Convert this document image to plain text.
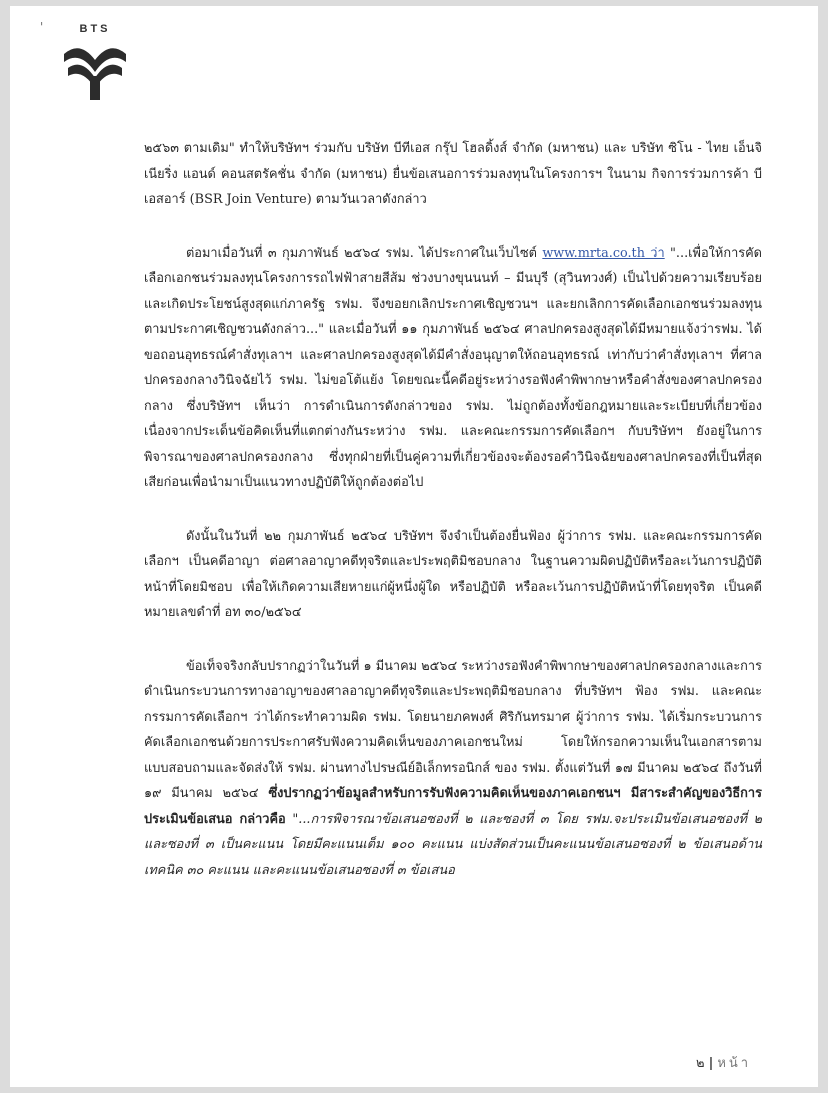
'	BTS

๒๕๖๓ ตามเดิม" ทำให้บริษัทฯ ร่วมกับ บริษัท บีทีเอส กรุ๊ป โฮลดิ้งส์ จำกัด (มหาชน) และ บริษัท ซิโน - ไทย เอ็นจิเนียริ่ง แอนด์ คอนสตรัคชั่น จำกัด (มหาชน) ยื่นข้อเสนอการร่วมลงทุนในโครงการฯ ในนาม กิจการร่วมการค้า บีเอสอาร์ (BSR Join Venture) ตามวันเวลาดังกล่าว

ต่อมาเมื่อวันที่ ๓ กุมภาพันธ์ ๒๕๖๔ รฟม. ได้ประกาศในเว็บไซต์ www.mrta.co.th ว่า "...เพื่อให้การคัดเลือกเอกชนร่วมลงทุนโครงการรถไฟฟ้าสายสีส้ม ช่วงบางขุนนนท์ – มีนบุรี (สุวินทวงศ์) เป็นไปด้วยความเรียบร้อย และเกิดประโยชน์สูงสุดแก่ภาครัฐ รฟม. จึงขอยกเลิกประกาศเชิญชวนฯ และยกเลิกการคัดเลือกเอกชนร่วมลงทุนตามประกาศเชิญชวนดังกล่าว..." และเมื่อวันที่ ๑๑ กุมภาพันธ์ ๒๕๖๔ ศาลปกครองสูงสุดได้มีหมายแจ้งว่ารฟม. ได้ขอถอนอุทธรณ์คำสั่งทุเลาฯ และศาลปกครองสูงสุดได้มีคำสั่งอนุญาตให้ถอนอุทธรณ์ เท่ากับว่าคำสั่งทุเลาฯ ที่ศาลปกครองกลางวินิจฉัยไว้ รฟม. ไม่ขอโต้แย้ง โดยขณะนี้คดีอยู่ระหว่างรอฟังคำพิพากษาหรือคำสั่งของศาลปกครองกลาง ซึ่งบริษัทฯ เห็นว่า การดำเนินการดังกล่าวของ รฟม. ไม่ถูกต้องทั้งข้อกฎหมายและระเบียบที่เกี่ยวข้อง เนื่องจากประเด็นข้อคิดเห็นที่แตกต่างกันระหว่าง รฟม. และคณะกรรมการคัดเลือกฯ กับบริษัทฯ ยังอยู่ในการพิจารณาของศาลปกครองกลาง ซึ่งทุกฝ่ายที่เป็นคู่ความที่เกี่ยวข้องจะต้องรอคำวินิจฉัยของศาลปกครองที่เป็นที่สุดเสียก่อนเพื่อนำมาเป็นแนวทางปฏิบัติให้ถูกต้องต่อไป

ดังนั้นในวันที่ ๒๒ กุมภาพันธ์ ๒๕๖๔ บริษัทฯ จึงจำเป็นต้องยื่นฟ้อง ผู้ว่าการ รฟม. และคณะกรรมการคัดเลือกฯ เป็นคดีอาญา ต่อศาลอาญาคดีทุจริตและประพฤติมิชอบกลาง ในฐานความผิดปฏิบัติหรือละเว้นการปฏิบัติหน้าที่โดยมิชอบ เพื่อให้เกิดความเสียหายแก่ผู้หนึ่งผู้ใด หรือปฏิบัติ หรือละเว้นการปฏิบัติหน้าที่โดยทุจริต เป็นคดีหมายเลขดำที่ อท ๓๐/๒๕๖๔

ข้อเท็จจริงกลับปรากฏว่าในวันที่ ๑ มีนาคม ๒๕๖๔ ระหว่างรอฟังคำพิพากษาของศาลปกครองกลางและการดำเนินกระบวนการทางอาญาของศาลอาญาคดีทุจริตและประพฤติมิชอบกลาง ที่บริษัทฯ ฟ้อง รฟม. และคณะกรรมการคัดเลือกฯ ว่าได้กระทำความผิด รฟม. โดยนายภคพงศ์ ศิริกันทรมาศ ผู้ว่าการ รฟม. ได้เริ่มกระบวนการคัดเลือกเอกชนด้วยการประกาศรับฟังความคิดเห็นของภาคเอกชนใหม่ โดยให้กรอกความเห็นในเอกสารตามแบบสอบถามและจัดส่งให้ รฟม. ผ่านทางไปรษณีย์อิเล็กทรอนิกส์ ของ รฟม. ตั้งแต่วันที่ ๑๗ มีนาคม ๒๕๖๔ ถึงวันที่ ๑๙ มีนาคม ๒๕๖๔ ซึ่งปรากฏว่าข้อมูลสำหรับการรับฟังความคิดเห็นของภาคเอกชนฯ มีสาระสำคัญของวิธีการประเมินข้อเสนอ กล่าวคือ "...การพิจารณาข้อเสนอซองที่ ๒ และซองที่ ๓ โดย รฟม.จะประเมินข้อเสนอซองที่ ๒ และซองที่ ๓ เป็นคะแนน โดยมีคะแนนเต็ม ๑๐๐ คะแนน แบ่งสัดส่วนเป็นคะแนนข้อเสนอซองที่ ๒ ข้อเสนอด้านเทคนิค ๓๐ คะแนน และคะแนนข้อเสนอซองที่ ๓ ข้อเสนอ

๒ | หน้า
